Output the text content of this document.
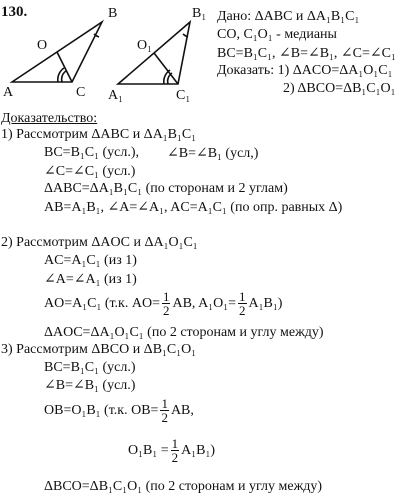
130.	B
O
A	C
B₁
O₁
A₁	C₁
Дано: ΔABC и ΔA₁B₁C₁
CO, C₁O₁ - медианы
BC=B₁C₁, ∠B=∠B₁, ∠C=∠C₁
Доказать: 1) ΔACO=ΔA₁O₁C₁
2) ΔBCO=ΔB₁C₁O₁
Доказательство:
1) Рассмотрим ΔABC и ΔA₁B₁C₁
BC=B₁C₁ (усл.), ∠B=∠B₁ (усл,)
∠C=∠C₁ (усл.)
ΔABC=ΔA₁B₁C₁ (по сторонам и 2 углам)
AB=A₁B₁, ∠A=∠A₁, AC=A₁C₁ (по опр. равных Δ)
2) Рассмотрим ΔAOC и ΔA₁O₁C₁
AC=A₁C₁ (из 1)
∠A=∠A₁ (из 1)
AO=A₁C₁ (т.к. $AO= \frac{1}{2}$ AB, $A_1O_1= \frac{1}{2} A_1B_1$)
ΔAOC=ΔA₁O₁C₁ (по 2 сторонам и углу между)
3) Рассмотрим ΔBCO и ΔB₁C₁O₁
BC=B₁C₁ (усл.)
∠B=∠B₁ (усл.)
OB=O₁B₁ (т.к. $OB= \frac{1}{2}$ AB,
$O_1B_1 = \frac{1}{2} A_1B_1$)
ΔBCO=ΔB₁C₁O₁ (по 2 сторонам и углу между)
